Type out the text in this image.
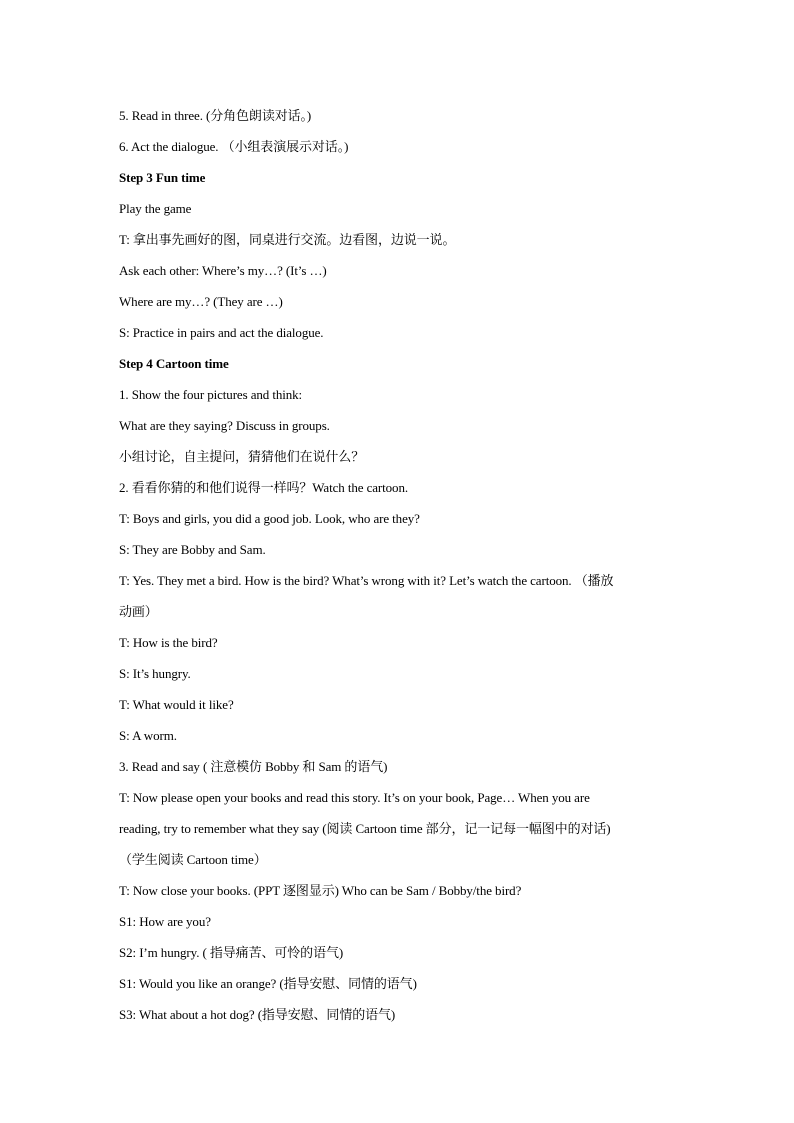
5. Read in three. (分角色朗读对话。)
6. Act the dialogue. （小组表演展示对话。)
Step 3 Fun time
Play the game
T: 拿出事先画好的图，同桌进行交流。边看图，边说一说。
Ask each other: Where’s my…? (It’s …)
Where are my…? (They are …)
S: Practice in pairs and act the dialogue.
Step 4 Cartoon time
1. Show the four pictures and think:
What are they saying? Discuss in groups.
小组讨论，自主提问，猜猜他们在说什么？
2. 看看你猜的和他们说得一样吗？Watch the cartoon.
T: Boys and girls, you did a good job. Look, who are they?
S: They are Bobby and Sam.
T: Yes. They met a bird. How is the bird? What’s wrong with it? Let’s watch the cartoon. （播放
动画）
T: How is the bird?
S: It’s hungry.
T: What would it like?
S: A worm.
3. Read and say ( 注意模仿 Bobby 和 Sam 的语气)
T: Now please open your books and read this story. It’s on your book, Page… When you are
reading, try to remember what they say (阅读 Cartoon time 部分，记一记每一幅图中的对话)
（学生阅读 Cartoon time）
T: Now close your books. (PPT 逐图显示) Who can be Sam / Bobby/the bird?
S1: How are you?
S2: I’m hungry. ( 指导痛苦、可怜的语气)
S1: Would you like an orange? (指导安慰、同情的语气)
S3: What about a hot dog? (指导安慰、同情的语气)
